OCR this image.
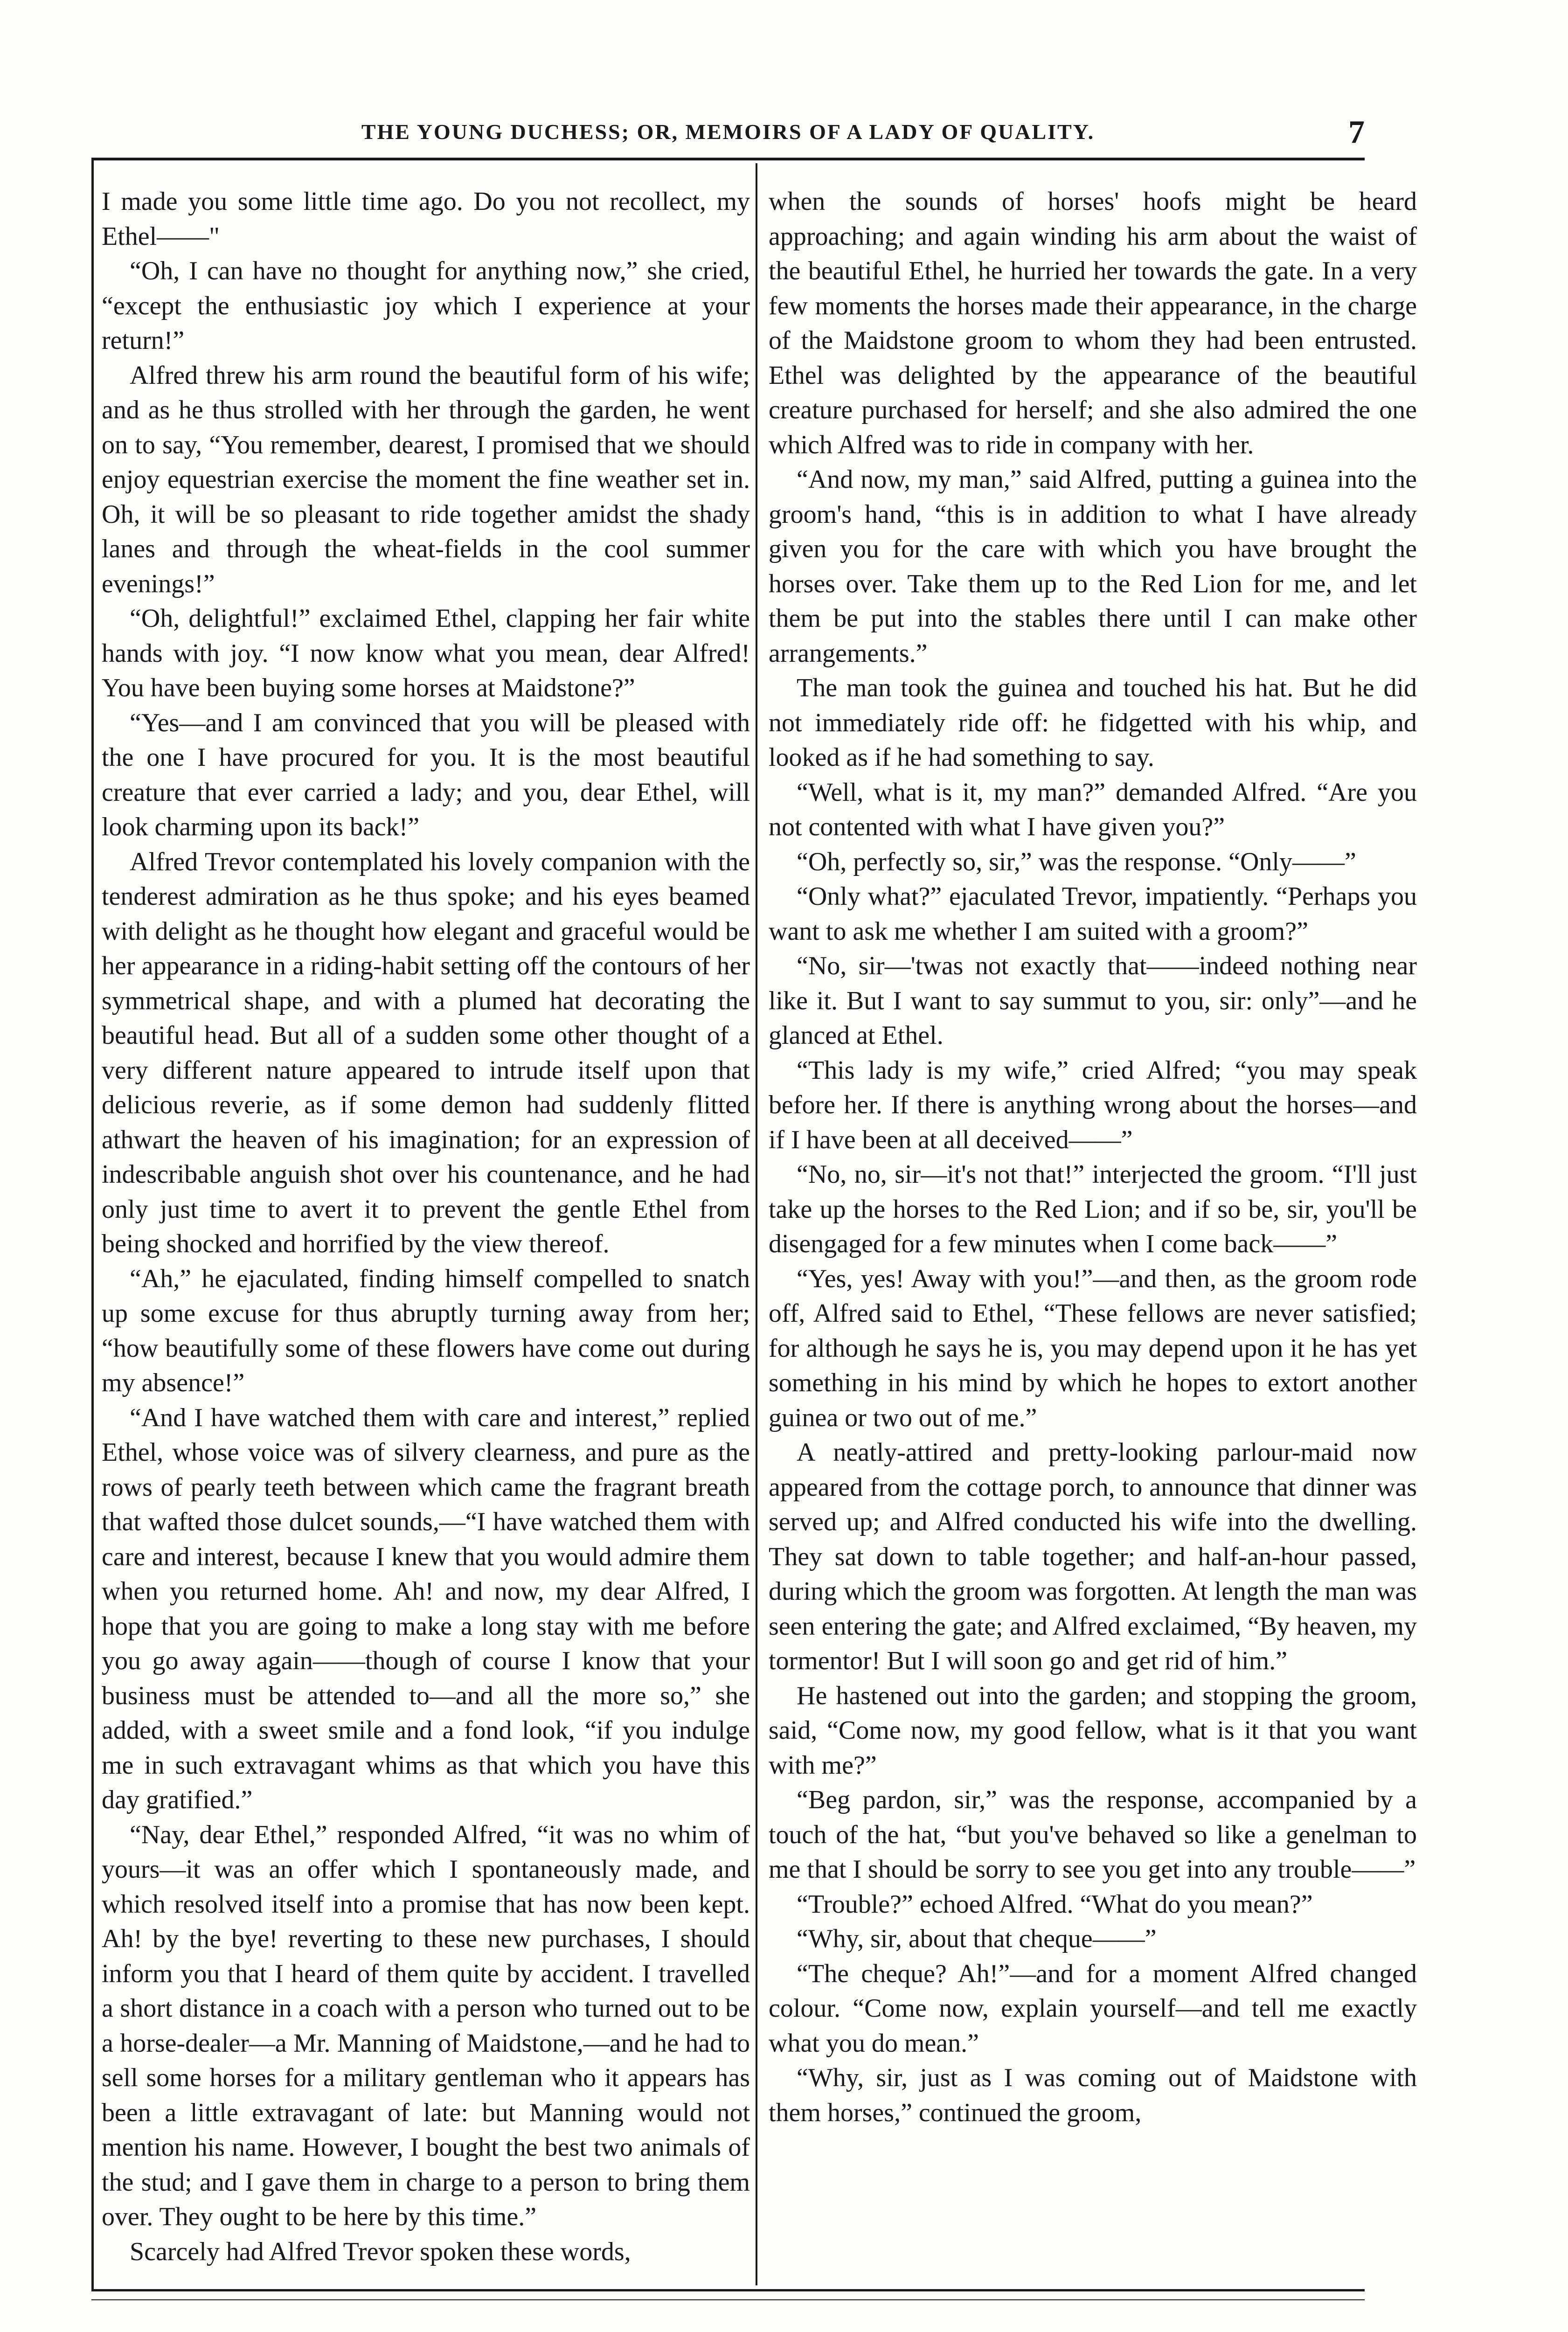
THE YOUNG DUCHESS; OR, MEMOIRS OF A LADY OF QUALITY.	7

I made you some little time ago. Do you not recollect, my Ethel——"

“Oh, I can have no thought for anything now,” she cried, “except the enthusiastic joy which I experience at your return!”

Alfred threw his arm round the beautiful form of his wife; and as he thus strolled with her through the garden, he went on to say, “You remember, dearest, I promised that we should enjoy equestrian exercise the moment the fine weather set in. Oh, it will be so pleasant to ride together amidst the shady lanes and through the wheat-fields in the cool summer evenings!”

“Oh, delightful!” exclaimed Ethel, clapping her fair white hands with joy. “I now know what you mean, dear Alfred! You have been buying some horses at Maidstone?”

“Yes—and I am convinced that you will be pleased with the one I have procured for you. It is the most beautiful creature that ever carried a lady; and you, dear Ethel, will look charming upon its back!”

Alfred Trevor contemplated his lovely companion with the tenderest admiration as he thus spoke; and his eyes beamed with delight as he thought how elegant and graceful would be her appearance in a riding-habit setting off the contours of her symmetrical shape, and with a plumed hat decorating the beautiful head. But all of a sudden some other thought of a very different nature appeared to intrude itself upon that delicious reverie, as if some demon had suddenly flitted athwart the heaven of his imagination; for an expression of indescribable anguish shot over his countenance, and he had only just time to avert it to prevent the gentle Ethel from being shocked and horrified by the view thereof.

“Ah,” he ejaculated, finding himself compelled to snatch up some excuse for thus abruptly turning away from her; “how beautifully some of these flowers have come out during my absence!”

“And I have watched them with care and interest,” replied Ethel, whose voice was of silvery clearness, and pure as the rows of pearly teeth between which came the fragrant breath that wafted those dulcet sounds,—“I have watched them with care and interest, because I knew that you would admire them when you returned home. Ah! and now, my dear Alfred, I hope that you are going to make a long stay with me before you go away again——though of course I know that your business must be attended to—and all the more so,” she added, with a sweet smile and a fond look, “if you indulge me in such extravagant whims as that which you have this day gratified.”

“Nay, dear Ethel,” responded Alfred, “it was no whim of yours—it was an offer which I spontaneously made, and which resolved itself into a promise that has now been kept. Ah! by the bye! reverting to these new purchases, I should inform you that I heard of them quite by accident. I travelled a short distance in a coach with a person who turned out to be a horse-dealer—a Mr. Manning of Maidstone,—and he had to sell some horses for a military gentleman who it appears has been a little extravagant of late: but Manning would not mention his name. However, I bought the best two animals of the stud; and I gave them in charge to a person to bring them over. They ought to be here by this time.”

Scarcely had Alfred Trevor spoken these words,

when the sounds of horses' hoofs might be heard approaching; and again winding his arm about the waist of the beautiful Ethel, he hurried her towards the gate. In a very few moments the horses made their appearance, in the charge of the Maidstone groom to whom they had been entrusted. Ethel was delighted by the appearance of the beautiful creature purchased for herself; and she also admired the one which Alfred was to ride in company with her.

“And now, my man,” said Alfred, putting a guinea into the groom's hand, “this is in addition to what I have already given you for the care with which you have brought the horses over. Take them up to the Red Lion for me, and let them be put into the stables there until I can make other arrangements.”

The man took the guinea and touched his hat. But he did not immediately ride off: he fidgetted with his whip, and looked as if he had something to say.

“Well, what is it, my man?” demanded Alfred. “Are you not contented with what I have given you?”

“Oh, perfectly so, sir,” was the response. “Only——”

“Only what?” ejaculated Trevor, impatiently. “Perhaps you want to ask me whether I am suited with a groom?”

“No, sir—'twas not exactly that——indeed nothing near like it. But I want to say summut to you, sir: only”—and he glanced at Ethel.

“This lady is my wife,” cried Alfred; “you may speak before her. If there is anything wrong about the horses—and if I have been at all deceived——”

“No, no, sir—it's not that!” interjected the groom. “I'll just take up the horses to the Red Lion; and if so be, sir, you'll be disengaged for a few minutes when I come back——”

“Yes, yes! Away with you!”—and then, as the groom rode off, Alfred said to Ethel, “These fellows are never satisfied; for although he says he is, you may depend upon it he has yet something in his mind by which he hopes to extort another guinea or two out of me.”

A neatly-attired and pretty-looking parlour-maid now appeared from the cottage porch, to announce that dinner was served up; and Alfred conducted his wife into the dwelling. They sat down to table together; and half-an-hour passed, during which the groom was forgotten. At length the man was seen entering the gate; and Alfred exclaimed, “By heaven, my tormentor! But I will soon go and get rid of him.”

He hastened out into the garden; and stopping the groom, said, “Come now, my good fellow, what is it that you want with me?”

“Beg pardon, sir,” was the response, accompanied by a touch of the hat, “but you've behaved so like a genelman to me that I should be sorry to see you get into any trouble——”

“Trouble?” echoed Alfred. “What do you mean?”

“Why, sir, about that cheque——”

“The cheque? Ah!”—and for a moment Alfred changed colour. “Come now, explain yourself—and tell me exactly what you do mean.”

“Why, sir, just as I was coming out of Maidstone with them horses,” continued the groom,
